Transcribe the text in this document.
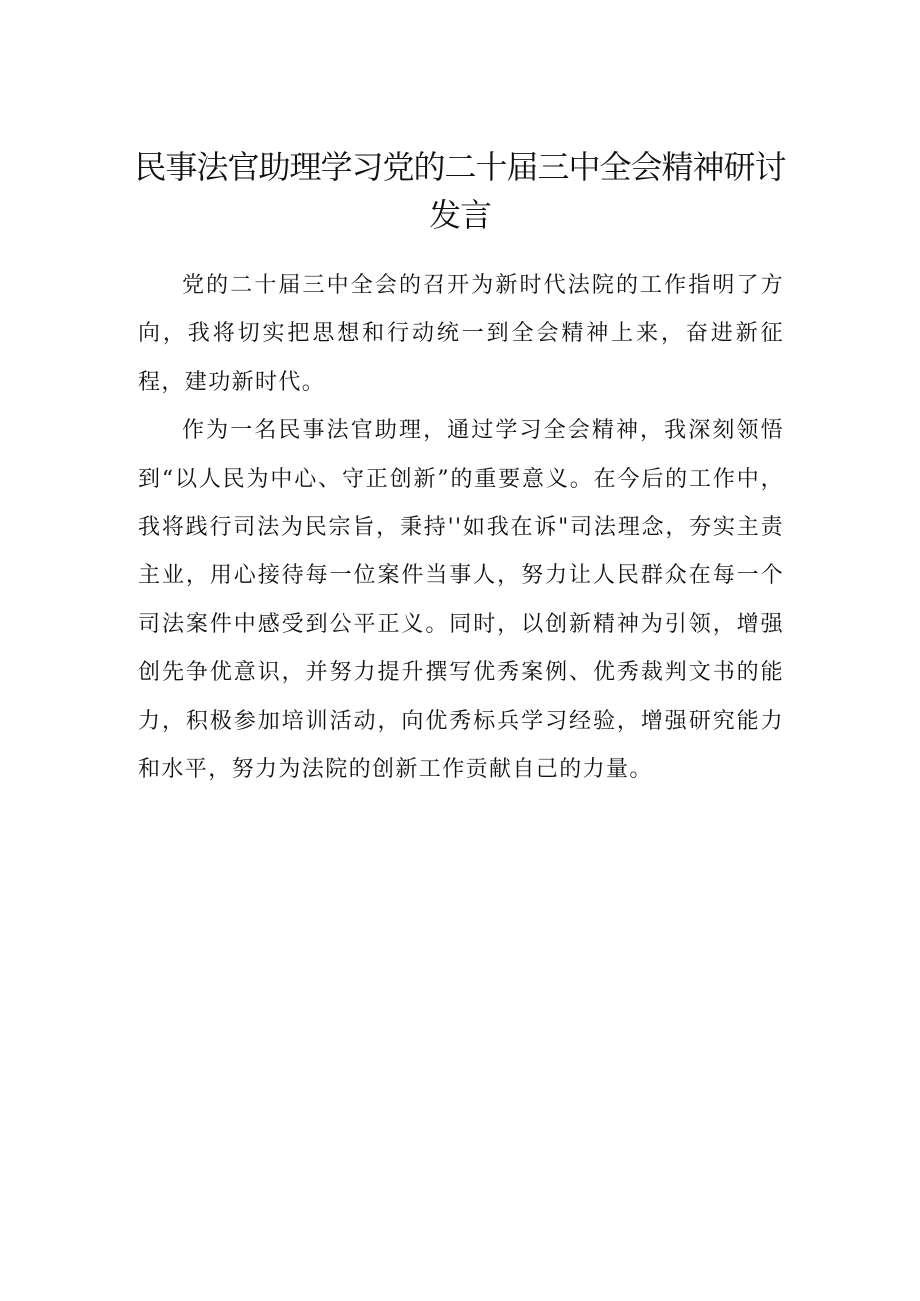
民事法官助理学习党的二十届三中全会精神研讨发言

党的二十届三中全会的召开为新时代法院的工作指明了方向，我将切实把思想和行动统一到全会精神上来，奋进新征程，建功新时代。

作为一名民事法官助理，通过学习全会精神，我深刻领悟到“以人民为中心、守正创新”的重要意义。在今后的工作中，我将践行司法为民宗旨，秉持''如我在诉"司法理念，夯实主责主业，用心接待每一位案件当事人，努力让人民群众在每一个司法案件中感受到公平正义。同时，以创新精神为引领，增强创先争优意识，并努力提升撰写优秀案例、优秀裁判文书的能力，积极参加培训活动，向优秀标兵学习经验，增强研究能力和水平，努力为法院的创新工作贡献自己的力量。
